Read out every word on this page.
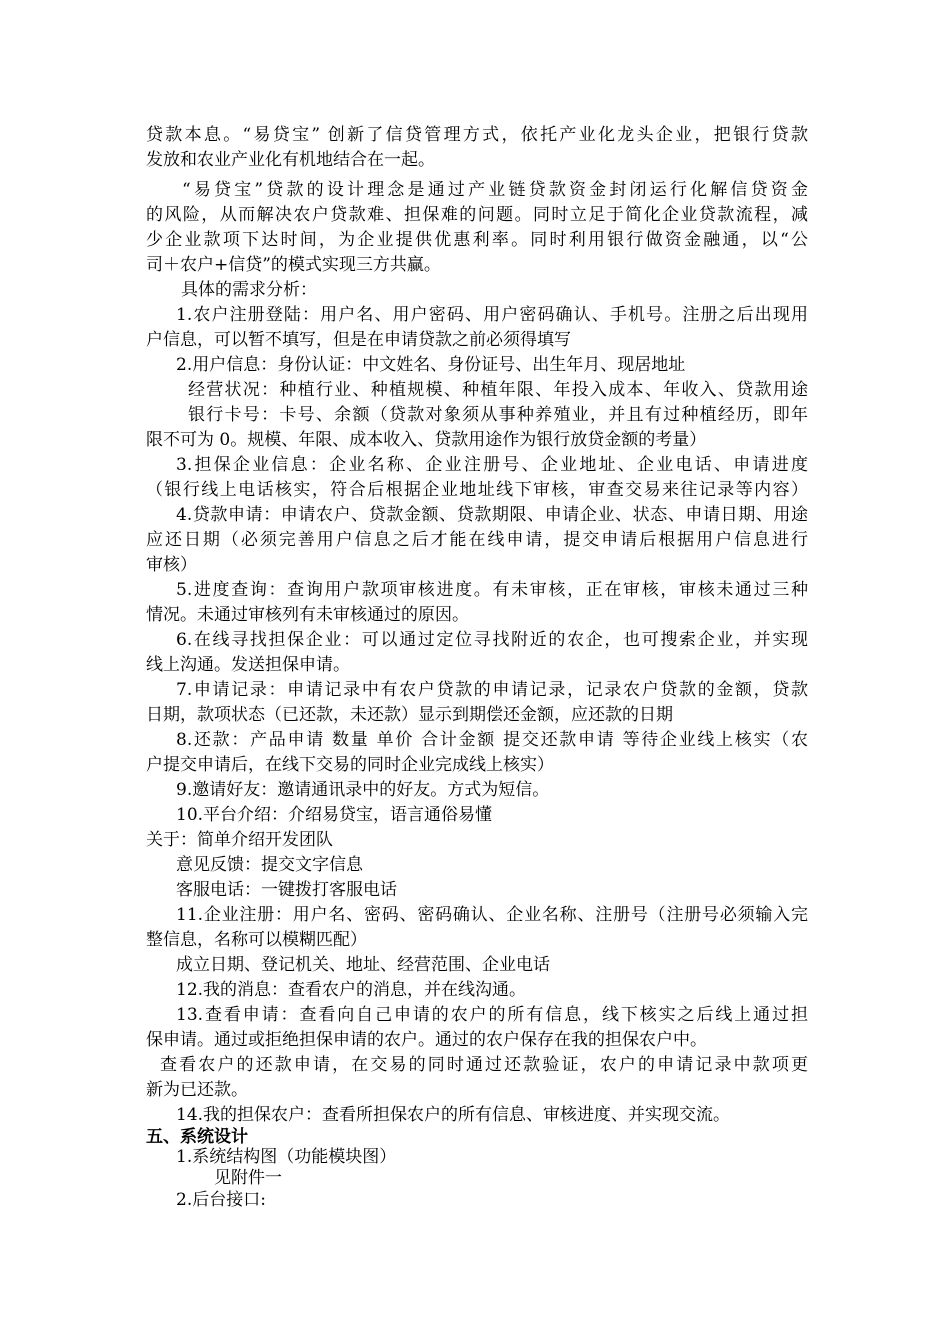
贷款本息。“易贷宝” 创新了信贷管理方式，依托产业化龙头企业，把银行贷款
发放和农业产业化有机地结合在一起。
“易贷宝”贷款的设计理念是通过产业链贷款资金封闭运行化解信贷资金
的风险，从而解决农户贷款难、担保难的问题。同时立足于简化企业贷款流程，减
少企业款项下达时间，为企业提供优惠利率。同时利用银行做资金融通，以“公
司＋农户+信贷”的模式实现三方共赢。
具体的需求分析：
1.农户注册登陆：用户名、用户密码、用户密码确认、手机号。注册之后出现用
户信息，可以暂不填写，但是在申请贷款之前必须得填写
2.用户信息：身份认证：中文姓名、身份证号、出生年月、现居地址
经营状况：种植行业、种植规模、种植年限、年投入成本、年收入、贷款用途
银行卡号：卡号、余额（贷款对象须从事种养殖业，并且有过种植经历，即年
限不可为 0。规模、年限、成本收入、贷款用途作为银行放贷金额的考量）
3.担保企业信息：企业名称、企业注册号、企业地址、企业电话、申请进度
（银行线上电话核实，符合后根据企业地址线下审核，审查交易来往记录等内容）
4.贷款申请：申请农户、贷款金额、贷款期限、申请企业、状态、申请日期、用途
应还日期（必须完善用户信息之后才能在线申请，提交申请后根据用户信息进行
审核）
5.进度查询：查询用户款项审核进度。有未审核，正在审核，审核未通过三种
情况。未通过审核列有未审核通过的原因。
6.在线寻找担保企业：可以通过定位寻找附近的农企，也可搜索企业，并实现
线上沟通。发送担保申请。
7.申请记录：申请记录中有农户贷款的申请记录，记录农户贷款的金额，贷款
日期，款项状态（已还款，未还款）显示到期偿还金额，应还款的日期
8.还款：产品申请 数量 单价 合计金额 提交还款申请 等待企业线上核实（农
户提交申请后，在线下交易的同时企业完成线上核实）
9.邀请好友：邀请通讯录中的好友。方式为短信。
10.平台介绍：介绍易贷宝，语言通俗易懂
关于：简单介绍开发团队
意见反馈：提交文字信息
客服电话：一键拨打客服电话
11.企业注册：用户名、密码、密码确认、企业名称、注册号（注册号必须输入完
整信息，名称可以模糊匹配）
成立日期、登记机关、地址、经营范围、企业电话
12.我的消息：查看农户的消息，并在线沟通。
13.查看申请：查看向自己申请的农户的所有信息，线下核实之后线上通过担
保申请。通过或拒绝担保申请的农户。通过的农户保存在我的担保农户中。
查看农户的还款申请，在交易的同时通过还款验证，农户的申请记录中款项更
新为已还款。
14.我的担保农户：查看所担保农户的所有信息、审核进度、并实现交流。
五、系统设计
1.系统结构图（功能模块图）
见附件一
2.后台接口:
